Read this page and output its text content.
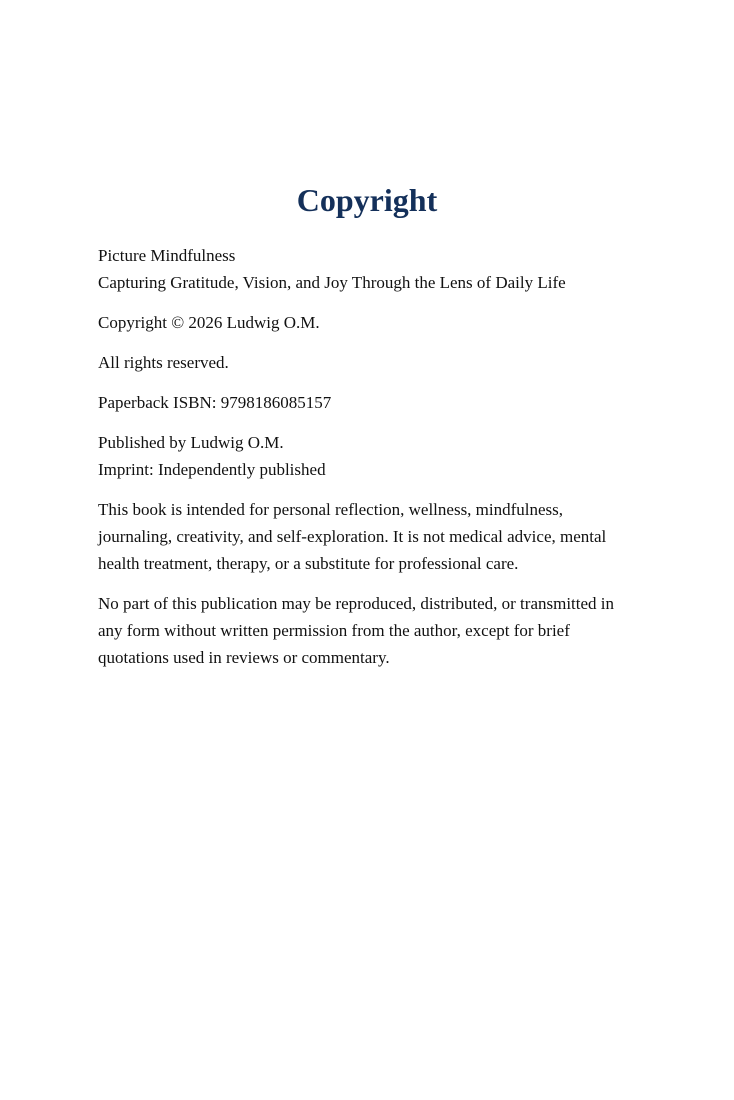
Copyright
Picture Mindfulness
Capturing Gratitude, Vision, and Joy Through the Lens of Daily Life
Copyright © 2026 Ludwig O.M.
All rights reserved.
Paperback ISBN: 9798186085157
Published by Ludwig O.M.
Imprint: Independently published

This book is intended for personal reflection, wellness, mindfulness, journaling, creativity, and self-exploration. It is not medical advice, mental health treatment, therapy, or a substitute for professional care.

No part of this publication may be reproduced, distributed, or transmitted in any form without written permission from the author, except for brief quotations used in reviews or commentary.
